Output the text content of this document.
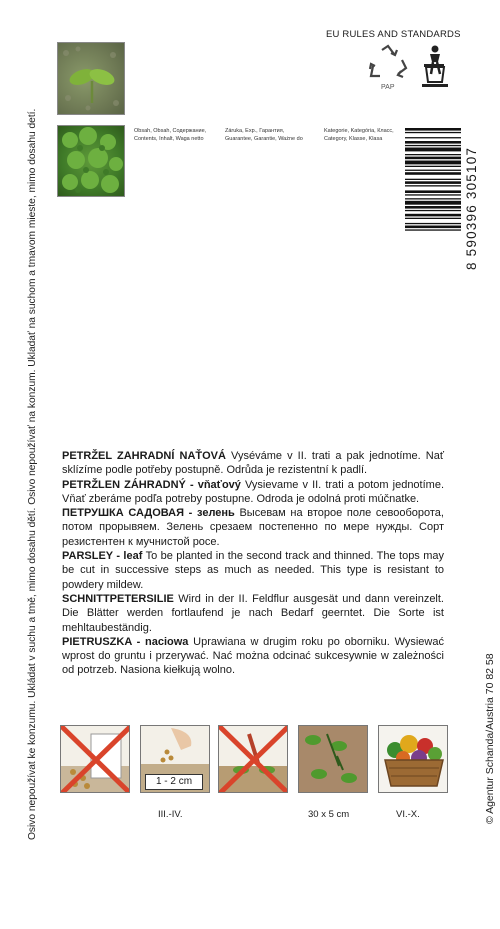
Osivo nepoužívat ke konzumu. Ukládat v suchu a tmě, mimo dosahu dětí. Osivo nepoužívať na konzum. Ukladať na suchom a tmavom mieste, mimo dosahu detí.	© Agentur Schanda/Austria 70 82 58
EU RULES AND STANDARDS
PAP
Obsah, Obsah, Содержание,
Contents, Inhalt, Waga netto
Záruka, Exp., Гарантия,
Guarantee, Garantie, Ważne do
Kategorie, Kategória, Класс,
Category, Klasse, Klasa
8 590396 305107

PETRŽEL ZAHRADNÍ NAŤOVÁ Vyséváme v II. trati a pak jednotíme. Nať sklízíme podle potřeby postupně. Odrůda je rezistentní k padlí.

PETRŽLEN ZÁHRADNÝ - vňaťový Vysievame v II. trati a potom jednotíme. Vňať zberáme podľa potreby postupne. Odroda je odolná proti múčnatke.

ПЕТРУШКА САДОВАЯ - зелень Высевам на второе поле севооборота, потом прорывяем. Зелень срезаем постепенно по мере нужды. Сорт резистентен к мучнистой росе.

PARSLEY - leaf To be planted in the second track and thinned. The tops may be cut in successive steps as much as needed. This type is resistant to powdery mildew.

SCHNITTPETERSILIE Wird in der II. Feldflur ausgesät und dann vereinzelt. Die Blätter werden fortlaufend je nach Bedarf geerntet. Die Sorte ist mehltaubeständig.

PIETRUSZKA - naciowa Uprawiana w drugim roku po oborniku. Wysiewać wprost do gruntu i przerywać. Nać można odcinać sukcesywnie w zależności od potrzeb. Nasiona kiełkują wolno.

1 - 2 cm
III.-IV.	30 x 5 cm	VI.-X.
